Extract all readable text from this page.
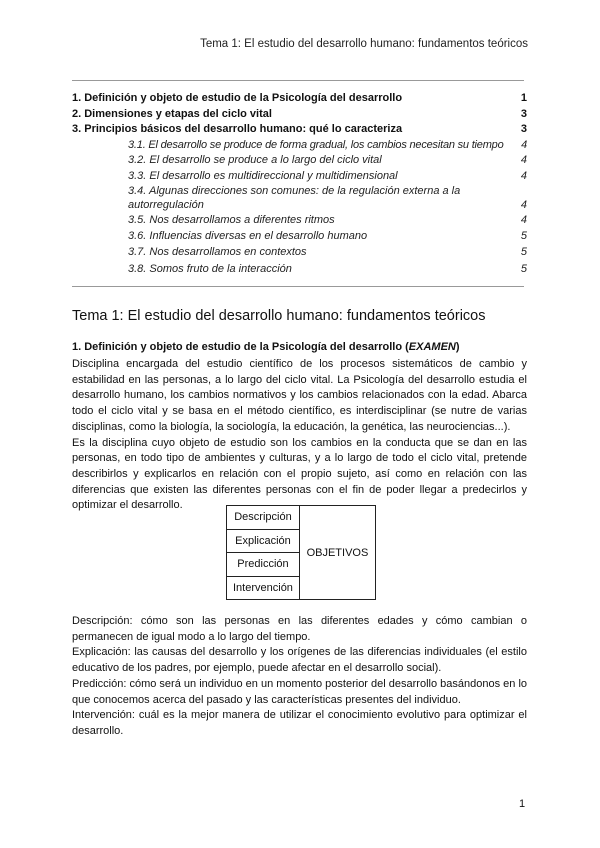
Tema 1: El estudio del desarrollo humano: fundamentos teóricos
1. Definición y objeto de estudio de la Psicología del desarrollo	1
2. Dimensiones y etapas del ciclo vital	3
3. Principios básicos del desarrollo humano: qué lo caracteriza	3
3.1. El desarrollo se produce de forma gradual, los cambios necesitan su tiempo	4
3.2. El desarrollo se produce a lo largo del ciclo vital	4
3.3. El desarrollo es multidireccional y multidimensional	4
3.4. Algunas direcciones son comunes: de la regulación externa a la autorregulación	4
3.5. Nos desarrollamos a diferentes ritmos	4
3.6. Influencias diversas en el desarrollo humano	5
3.7. Nos desarrollamos en contextos	5
3.8. Somos fruto de la interacción	5
Tema 1: El estudio del desarrollo humano: fundamentos teóricos
1. Definición y objeto de estudio de la Psicología del desarrollo (EXAMEN)

Disciplina encargada del estudio científico de los procesos sistemáticos de cambio y estabilidad en las personas, a lo largo del ciclo vital. La Psicología del desarrollo estudia el desarrollo humano, los cambios normativos y los cambios relacionados con la edad. Abarca todo el ciclo vital y se basa en el método científico, es interdisciplinar (se nutre de varias disciplinas, como la biología, la sociología, la educación, la genética, las neurociencias...).

Es la disciplina cuyo objeto de estudio son los cambios en la conducta que se dan en las personas, en todo tipo de ambientes y culturas, y a lo largo de todo el ciclo vital, pretende describirlos y explicarlos en relación con el propio sujeto, así como en relación con las diferencias que existen las diferentes personas con el fin de poder llegar a predecirlos y optimizar el desarrollo.

Descripción	OBJETIVOS
Explicación
Predicción
Intervención

Descripción: cómo son las personas en las diferentes edades y cómo cambian o permanecen de igual modo a lo largo del tiempo.

Explicación: las causas del desarrollo y los orígenes de las diferencias individuales (el estilo educativo de los padres, por ejemplo, puede afectar en el desarrollo social).

Predicción: cómo será un individuo en un momento posterior del desarrollo basándonos en lo que conocemos acerca del pasado y las características presentes del individuo.

Intervención: cuál es la mejor manera de utilizar el conocimiento evolutivo para optimizar el desarrollo.

1
